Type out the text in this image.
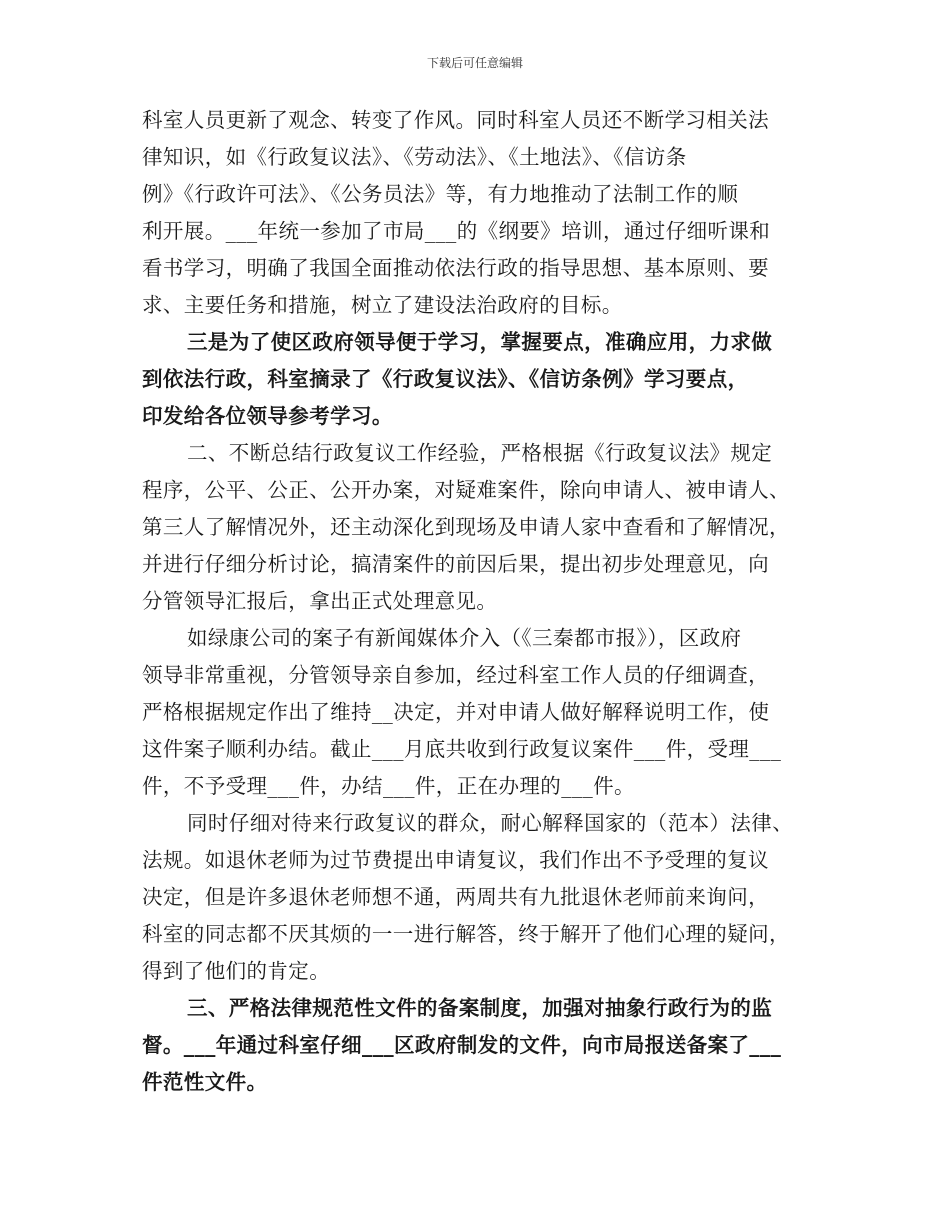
下载后可任意编辑
科室人员更新了观念、转变了作风。同时科室人员还不断学习相关法
律知识，如《行政复议法》、《劳动法》、《土地法》、《信访条
例》《行政许可法》、《公务员法》等，有力地推动了法制工作的顺
利开展。___年统一参加了市局___的《纲要》培训，通过仔细听课和
看书学习，明确了我国全面推动依法行政的指导思想、基本原则、要
求、主要任务和措施，树立了建设法治政府的目标。
三是为了使区政府领导便于学习，掌握要点，准确应用，力求做
到依法行政，科室摘录了《行政复议法》、《信访条例》学习要点，
印发给各位领导参考学习。
二、不断总结行政复议工作经验，严格根据《行政复议法》规定
程序，公平、公正、公开办案，对疑难案件，除向申请人、被申请人、
第三人了解情况外，还主动深化到现场及申请人家中查看和了解情况，
并进行仔细分析讨论，搞清案件的前因后果，提出初步处理意见，向
分管领导汇报后，拿出正式处理意见。
如绿康公司的案子有新闻媒体介入（《三秦都市报》），区政府
领导非常重视，分管领导亲自参加，经过科室工作人员的仔细调查，
严格根据规定作出了维持__决定，并对申请人做好解释说明工作，使
这件案子顺利办结。截止___月底共收到行政复议案件___件，受理___
件，不予受理___件，办结___件，正在办理的___件。
同时仔细对待来行政复议的群众，耐心解释国家的（范本）法律、
法规。如退休老师为过节费提出申请复议，我们作出不予受理的复议
决定，但是许多退休老师想不通，两周共有九批退休老师前来询问，
科室的同志都不厌其烦的一一进行解答，终于解开了他们心理的疑问，
得到了他们的肯定。
三、严格法律规范性文件的备案制度，加强对抽象行政行为的监
督。___年通过科室仔细___区政府制发的文件，向市局报送备案了___
件范性文件。
